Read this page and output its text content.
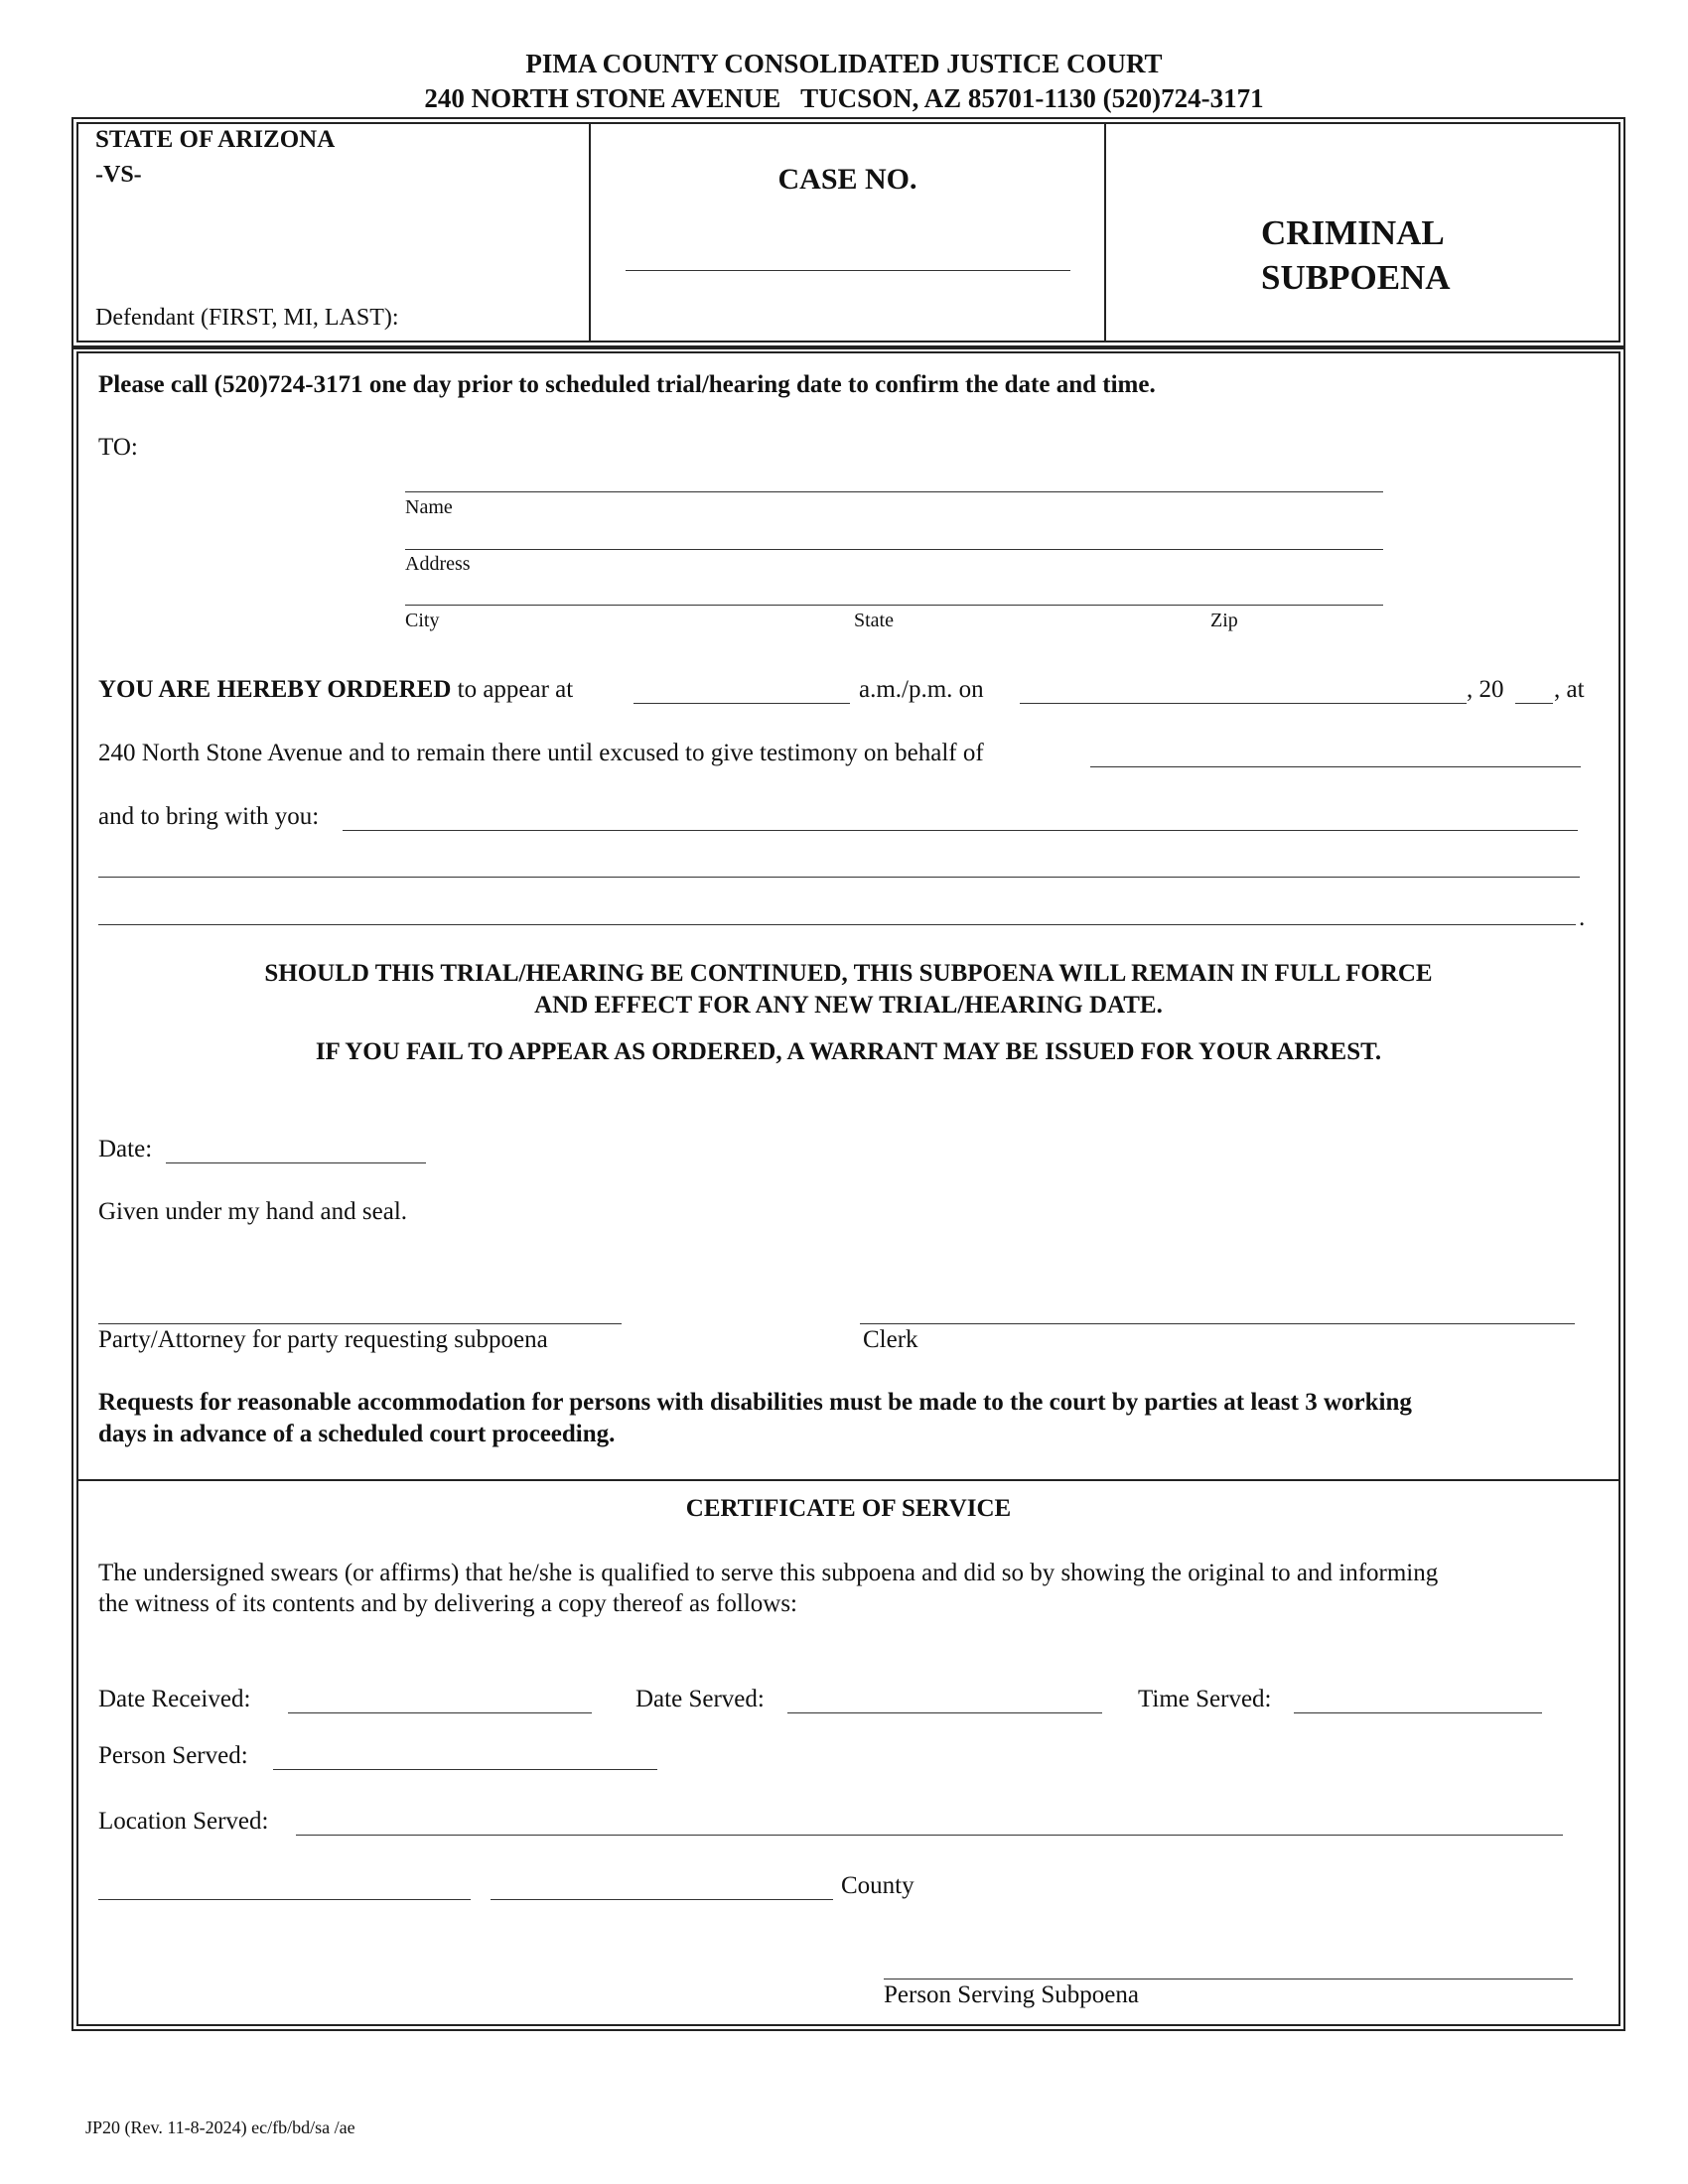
PIMA COUNTY CONSOLIDATED JUSTICE COURT
240 NORTH STONE AVENUE   TUCSON, AZ 85701-1130 (520)724-3171
STATE OF ARIZONA
-VS-
Defendant (FIRST, MI, LAST):
CASE NO.
CRIMINAL
SUBPOENA
Please call (520)724-3171 one day prior to scheduled trial/hearing date to confirm the date and time.
TO:
Name
Address
City	State	Zip
YOU ARE HEREBY ORDERED to appear at	a.m./p.m. on	, 20 , at
240 North Stone Avenue and to remain there until excused to give testimony on behalf of
and to bring with you:
.
SHOULD THIS TRIAL/HEARING BE CONTINUED, THIS SUBPOENA WILL REMAIN IN FULL FORCE
AND EFFECT FOR ANY NEW TRIAL/HEARING DATE.
IF YOU FAIL TO APPEAR AS ORDERED, A WARRANT MAY BE ISSUED FOR YOUR ARREST.
Date:
Given under my hand and seal.
Party/Attorney for party requesting subpoena	Clerk
Requests for reasonable accommodation for persons with disabilities must be made to the court by parties at least 3 working
days in advance of a scheduled court proceeding.
CERTIFICATE OF SERVICE
The undersigned swears (or affirms) that he/she is qualified to serve this subpoena and did so by showing the original to and informing
the witness of its contents and by delivering a copy thereof as follows:
Date Received:	Date Served:	Time Served:
Person Served:
Location Served:
County
Person Serving Subpoena
JP20 (Rev. 11-8-2024) ec/fb/bd/sa /ae
